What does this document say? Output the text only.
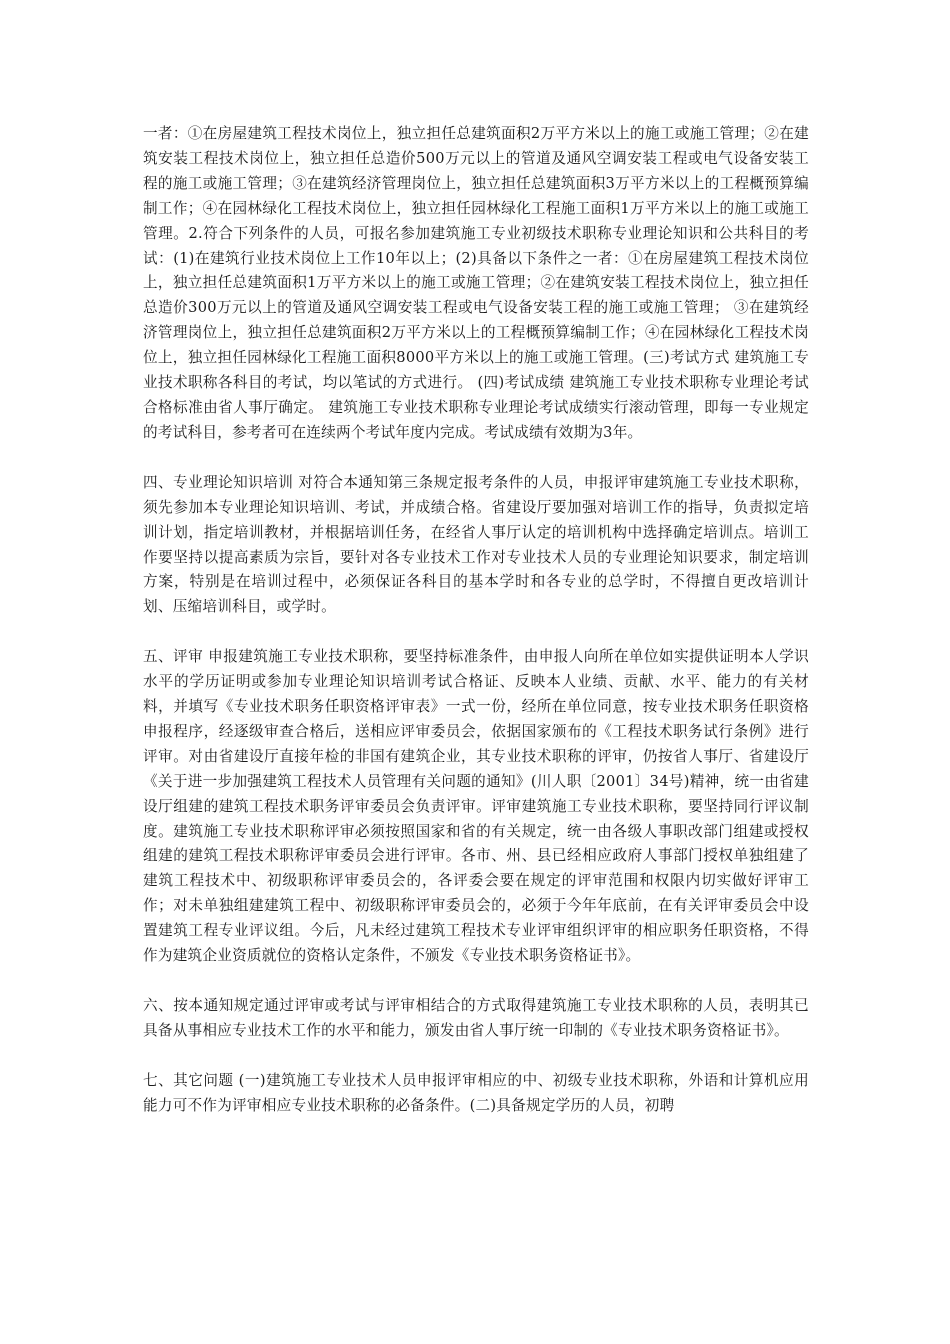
一者：①在房屋建筑工程技术岗位上，独立担任总建筑面积2万平方米以上的施工或施工管理；②在建筑安装工程技术岗位上，独立担任总造价500万元以上的管道及通风空调安装工程或电气设备安装工程的施工或施工管理；③在建筑经济管理岗位上，独立担任总建筑面积3万平方米以上的工程概预算编制工作；④在园林绿化工程技术岗位上，独立担任园林绿化工程施工面积1万平方米以上的施工或施工管理。2.符合下列条件的人员，可报名参加建筑施工专业初级技术职称专业理论知识和公共科目的考试：(1)在建筑行业技术岗位上工作10年以上；(2)具备以下条件之一者：①在房屋建筑工程技术岗位上，独立担任总建筑面积1万平方米以上的施工或施工管理；②在建筑安装工程技术岗位上，独立担任总造价300万元以上的管道及通风空调安装工程或电气设备安装工程的施工或施工管理； ③在建筑经济管理岗位上，独立担任总建筑面积2万平方米以上的工程概预算编制工作；④在园林绿化工程技术岗位上，独立担任园林绿化工程施工面积8000平方米以上的施工或施工管理。(三)考试方式 建筑施工专业技术职称各科目的考试，均以笔试的方式进行。 (四)考试成绩 建筑施工专业技术职称专业理论考试合格标准由省人事厅确定。 建筑施工专业技术职称专业理论考试成绩实行滚动管理，即每一专业规定的考试科目，参考者可在连续两个考试年度内完成。考试成绩有效期为3年。

四、专业理论知识培训 对符合本通知第三条规定报考条件的人员，申报评审建筑施工专业技术职称，须先参加本专业理论知识培训、考试，并成绩合格。省建设厅要加强对培训工作的指导，负责拟定培训计划，指定培训教材，并根据培训任务，在经省人事厅认定的培训机构中选择确定培训点。培训工作要坚持以提高素质为宗旨，要针对各专业技术工作对专业技术人员的专业理论知识要求，制定培训方案，特别是在培训过程中，必须保证各科目的基本学时和各专业的总学时，不得擅自更改培训计划、压缩培训科目，或学时。

五、评审 申报建筑施工专业技术职称，要坚持标准条件，由申报人向所在单位如实提供证明本人学识水平的学历证明或参加专业理论知识培训考试合格证、反映本人业绩、贡献、水平、能力的有关材料，并填写《专业技术职务任职资格评审表》一式一份，经所在单位同意，按专业技术职务任职资格申报程序，经逐级审查合格后，送相应评审委员会，依据国家颁布的《工程技术职务试行条例》进行评审。对由省建设厅直接年检的非国有建筑企业，其专业技术职称的评审，仍按省人事厅、省建设厅《关于进一步加强建筑工程技术人员管理有关问题的通知》(川人职〔2001〕34号)精神，统一由省建设厅组建的建筑工程技术职务评审委员会负责评审。评审建筑施工专业技术职称，要坚持同行评议制度。建筑施工专业技术职称评审必须按照国家和省的有关规定，统一由各级人事职改部门组建或授权组建的建筑工程技术职称评审委员会进行评审。各市、州、县已经相应政府人事部门授权单独组建了建筑工程技术中、初级职称评审委员会的，各评委会要在规定的评审范围和权限内切实做好评审工作；对未单独组建建筑工程中、初级职称评审委员会的，必须于今年年底前，在有关评审委员会中设置建筑工程专业评议组。今后，凡未经过建筑工程技术专业评审组织评审的相应职务任职资格，不得作为建筑企业资质就位的资格认定条件，不颁发《专业技术职务资格证书》。

六、按本通知规定通过评审或考试与评审相结合的方式取得建筑施工专业技术职称的人员，表明其已具备从事相应专业技术工作的水平和能力，颁发由省人事厅统一印制的《专业技术职务资格证书》。

七、其它问题 (一)建筑施工专业技术人员申报评审相应的中、初级专业技术职称，外语和计算机应用能力可不作为评审相应专业技术职称的必备条件。(二)具备规定学历的人员，初聘
